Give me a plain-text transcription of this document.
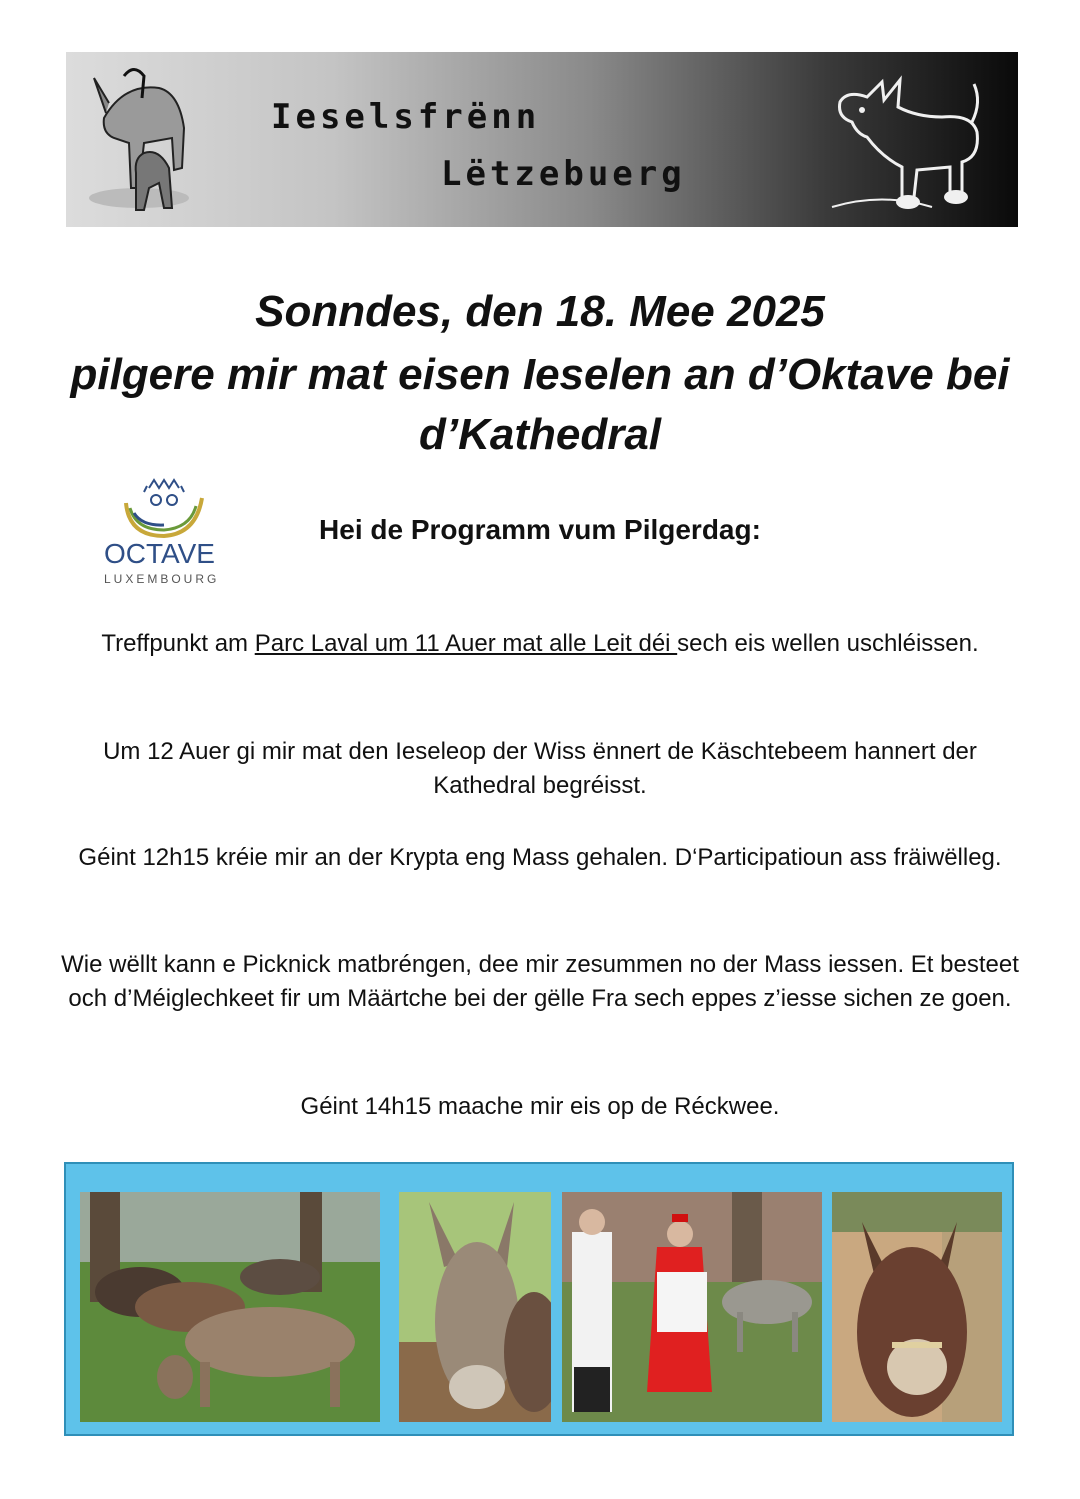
Ieselsfrënn
Lëtzebuerg
Sonndes, den 18. Mee 2025
pilgere mir mat eisen Ieselen an d’Oktave bei
d’Kathedral
OCTAVE
LUXEMBOURG
Hei de Programm vum Pilgerdag:
Treffpunkt am Parc Laval um 11 Auer mat alle Leit déi sech eis wellen uschléissen.
Um 12 Auer gi mir mat den Ieseleop der Wiss ënnert de Käschtebeem hannert der Kathedral begréisst.
Géint 12h15 kréie mir an der Krypta eng Mass gehalen. D‘Participatioun ass fräiwëlleg.
Wie wëllt kann e Picknick matbréngen, dee mir zesummen no der Mass iessen. Et besteet och d’Méiglechkeet fir um Määrtche bei der gëlle Fra sech eppes z’iesse sichen ze goen.
Géint 14h15 maache mir eis op de Réckwee.
